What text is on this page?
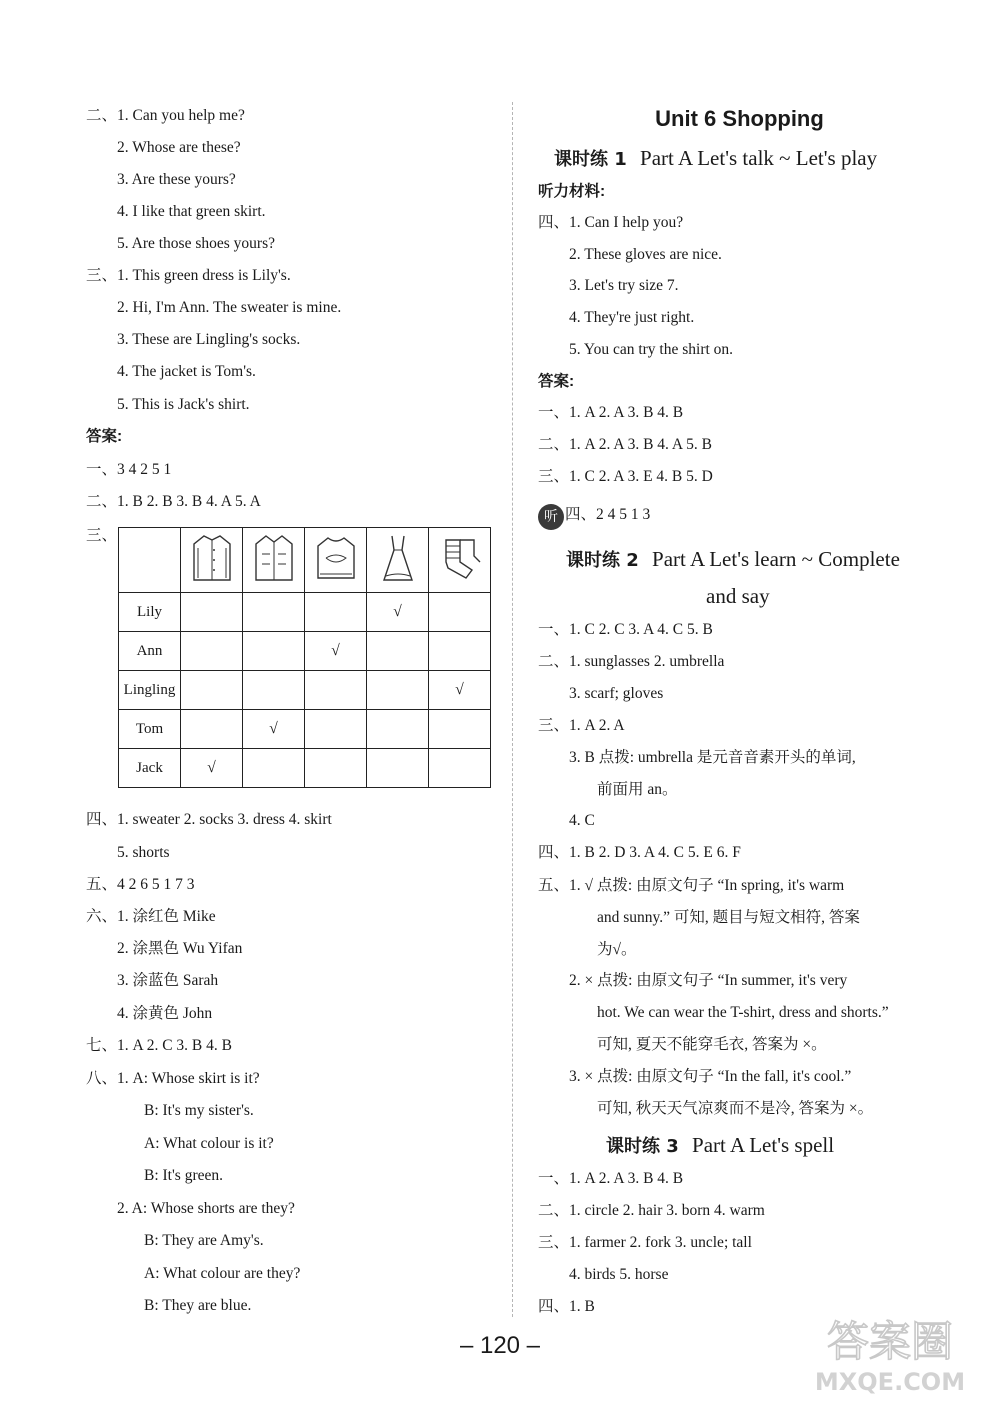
二、1. Can you help me?
2. Whose are these?
3. Are these yours?
4. I like that green skirt.
5. Are those shoes yours?
三、1. This green dress is Lily's.
2. Hi, I'm Ann. The sweater is mine.
3. These are Lingling's socks.
4. The jacket is Tom's.
5. This is Jack's shirt.
答案:
一、3 4 2 5 1
二、1. B 2. B 3. B 4. A 5. A
三、
四、1. sweater 2. socks 3. dress 4. skirt
5. shorts
五、4 2 6 5 1 7 3
六、1. 涂红色 Mike
2. 涂黑色 Wu Yifan
3. 涂蓝色 Sarah
4. 涂黄色 John
七、1. A 2. C 3. B 4. B
八、1. A: Whose skirt is it?
B: It's my sister's.
A: What colour is it?
B: It's green.
2. A: Whose shorts are they?
B: They are Amy's.
A: What colour are they?
B: They are blue.
Unit 6 Shopping
课时练 1 Part A Let's talk ~ Let's play
课时练 2 Part A Let's learn ~ Complete
and say
课时练 3 Part A Let's spell
听
听力材料:
四、1. Can I help you?
2. These gloves are nice.
3. Let's try size 7.
4. They're just right.
5. You can try the shirt on.
答案:
一、1. A 2. A 3. B 4. B
二、1. A 2. A 3. B 4. A 5. B
三、1. C 2. A 3. E 4. B 5. D
四、2 4 5 1 3
一、1. C 2. C 3. A 4. C 5. B
二、1. sunglasses 2. umbrella
3. scarf; gloves
三、1. A 2. A
3. B 点拨: umbrella 是元音音素开头的单词,
前面用 an。
4. C
四、1. B 2. D 3. A 4. C 5. E 6. F
五、1. √ 点拨: 由原文句子 “In spring, it's warm
and sunny.” 可知, 题目与短文相符, 答案
为√。
2. × 点拨: 由原文句子 “In summer, it's very
hot. We can wear the T-shirt, dress and shorts.”
可知, 夏天不能穿毛衣, 答案为 ×。
3. × 点拨: 由原文句子 “In the fall, it's cool.”
可知, 秋天天气凉爽而不是冷, 答案为 ×。
一、1. A 2. A 3. B 4. B
二、1. circle 2. hair 3. born 4. warm
三、1. farmer 2. fork 3. uncle; tall
4. birds 5. horse
四、1. B

Lily				√	
Ann			√		
Lingling					√
Tom		√			
Jack	√				
– 120 –	答案圈
MXQE.COM
